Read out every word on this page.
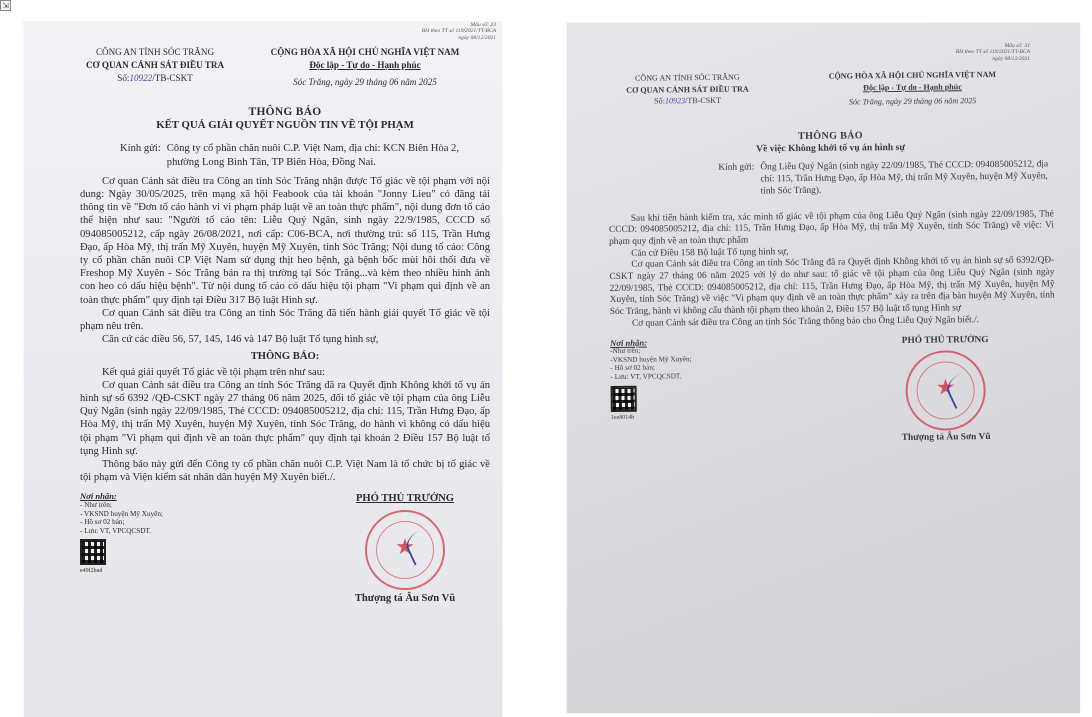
⇲
Mẫu số: 23
BH theo TT số 119/2021/TT-BCA
ngày 08/12/2021
CÔNG AN TỈNH SÓC TRĂNG
CƠ QUAN CẢNH SÁT ĐIỀU TRA
Số:10922/TB-CSKT
CỘNG HÒA XÃ HỘI CHỦ NGHĨA VIỆT NAM
Độc lập - Tự do - Hạnh phúc
Sóc Trăng, ngày 29 tháng 06 năm 2025
THÔNG BÁO
KẾT QUẢ GIẢI QUYẾT NGUỒN TIN VỀ TỘI PHẠM
Kính gửi: Công ty cổ phần chăn nuôi C.P. Việt Nam, địa chỉ: KCN Biên Hòa 2, phường Long Bình Tân, TP Biên Hòa, Đồng Nai.

Cơ quan Cảnh sát điều tra Công an tỉnh Sóc Trăng nhận được Tố giác về tội phạm với nội dung: Ngày 30/05/2025, trên mạng xã hội Feabook của tài khoản "Jonny Lieu" có đăng tải thông tin về "Đơn tố cáo hành vi vi phạm pháp luật về an toàn thực phẩm", nội dung đơn tố cáo thể hiện như sau: "Người tố cáo tên: Liễu Quý Ngân, sinh ngày 22/9/1985, CCCD số 094085005212, cấp ngày 26/08/2021, nơi cấp: C06-BCA, nơi thường trú: số 115, Trần Hưng Đạo, ấp Hòa Mỹ, thị trấn Mỹ Xuyên, huyện Mỹ Xuyên, tỉnh Sóc Trăng; Nội dung tố cáo: Công ty cổ phần chăn nuôi CP Việt Nam sử dụng thịt heo bệnh, gà bệnh bốc mùi hôi thối đưa về Freshop Mỹ Xuyên - Sóc Trăng bán ra thị trường tại Sóc Trăng...và kèm theo nhiều hình ảnh con heo có dấu hiệu bệnh". Từ nội dung tố cáo có dấu hiệu tội phạm "Vi phạm qui định về an toàn thực phẩm" quy định tại Điều 317 Bộ luật Hình sự.

Cơ quan Cảnh sát điều tra Công an tỉnh Sóc Trăng đã tiến hành giải quyết Tố giác về tội phạm nêu trên.

Căn cứ các điều 56, 57, 145, 146 và 147 Bộ luật Tố tụng hình sự,

THÔNG BÁO:

Kết quả giải quyết Tố giác về tội phạm trên như sau:

Cơ quan Cảnh sát điều tra Công an tỉnh Sóc Trăng đã ra Quyết định Không khởi tố vụ án hình sự số 6392 /QĐ-CSKT ngày 27 tháng 06 năm 2025, đối tố giác về tội phạm của ông Liễu Quý Ngân (sinh ngày 22/09/1985, Thẻ CCCD: 094085005212, địa chỉ: 115, Trần Hưng Đạo, ấp Hòa Mỹ, thị trấn Mỹ Xuyên, huyện Mỹ Xuyên, tỉnh Sóc Trăng, do hành vi không có dấu hiệu tội phạm "Vi phạm qui định về an toàn thực phẩm" quy định tại khoản 2 Điều 157 Bộ luật tố tụng Hình sự.

Thông báo này gửi đến Công ty cổ phần chăn nuôi C.P. Việt Nam là tổ chức bị tố giác về tội phạm và Viện kiểm sát nhân dân huyện Mỹ Xuyên biết./.

Nơi nhận:
- Như trên;
- VKSND huyện Mỹ Xuyên;
- Hồ sơ 02 bản;
- Lưu: VT, VPCQCSDT.
e49f2bad
PHÓ THỦ TRƯỞNG
★
Thượng tá Âu Sơn Vũ
Mẫu số: 31
BH theo TT số 119/2021/TT-BCA
ngày 08/12/2021
CÔNG AN TỈNH SÓC TRĂNG
CƠ QUAN CẢNH SÁT ĐIỀU TRA
Số:10923/TB-CSKT
CỘNG HÒA XÃ HỘI CHỦ NGHĨA VIỆT NAM
Độc lập - Tự do - Hạnh phúc
Sóc Trăng, ngày 29 tháng 06 năm 2025
THÔNG BÁO
Về việc Không khởi tố vụ án hình sự
Kính gửi: Ông Liễu Quý Ngân (sinh ngày 22/09/1985, Thẻ CCCD: 094085005212, địa chỉ: 115, Trần Hưng Đạo, ấp Hòa Mỹ, thị trấn Mỹ Xuyên, huyện Mỹ Xuyên, tỉnh Sóc Trăng).

Sau khi tiến hành kiểm tra, xác minh tố giác về tội phạm của ông Liễu Quý Ngân (sinh ngày 22/09/1985, Thẻ CCCD: 094085005212, địa chỉ: 115, Trần Hưng Đạo, ấp Hòa Mỹ, thị trấn Mỹ Xuyên, tỉnh Sóc Trăng) về việc: Vi phạm quy định về an toàn thực phẩm

Căn cứ Điều 158 Bộ luật Tố tụng hình sự,

Cơ quan Cảnh sát điều tra Công an tỉnh Sóc Trăng đã ra Quyết định Không khởi tố vụ án hình sự số 6392/QĐ-CSKT ngày 27 tháng 06 năm 2025 với lý do như sau: tố giác về tội phạm của ông Liễu Quý Ngân (sinh ngày 22/09/1985, Thẻ CCCD: 094085005212, địa chỉ: 115, Trần Hưng Đạo, ấp Hòa Mỹ, thị trấn Mỹ Xuyên, huyện Mỹ Xuyên, tỉnh Sóc Trăng) về việc "Vi phạm quy định về an toàn thực phẩm" xảy ra trên địa bàn huyện Mỹ Xuyên, tỉnh Sóc Trăng, hành vi không cấu thành tội phạm theo khoản 2, Điều 157 Bộ luật tố tụng Hình sự

Cơ quan Cảnh sát điều tra Công an tỉnh Sóc Trăng thông báo cho Ông Liễu Quý Ngân biết./.

Nơi nhận:
-Như trên;
-VKSND huyện Mỹ Xuyên;
- Hồ sơ 02 bản;
- Lưu: VT, VPCQCSDT.
1ee8014b
PHÓ THỦ TRƯỞNG
★
Thượng tá Âu Sơn Vũ
